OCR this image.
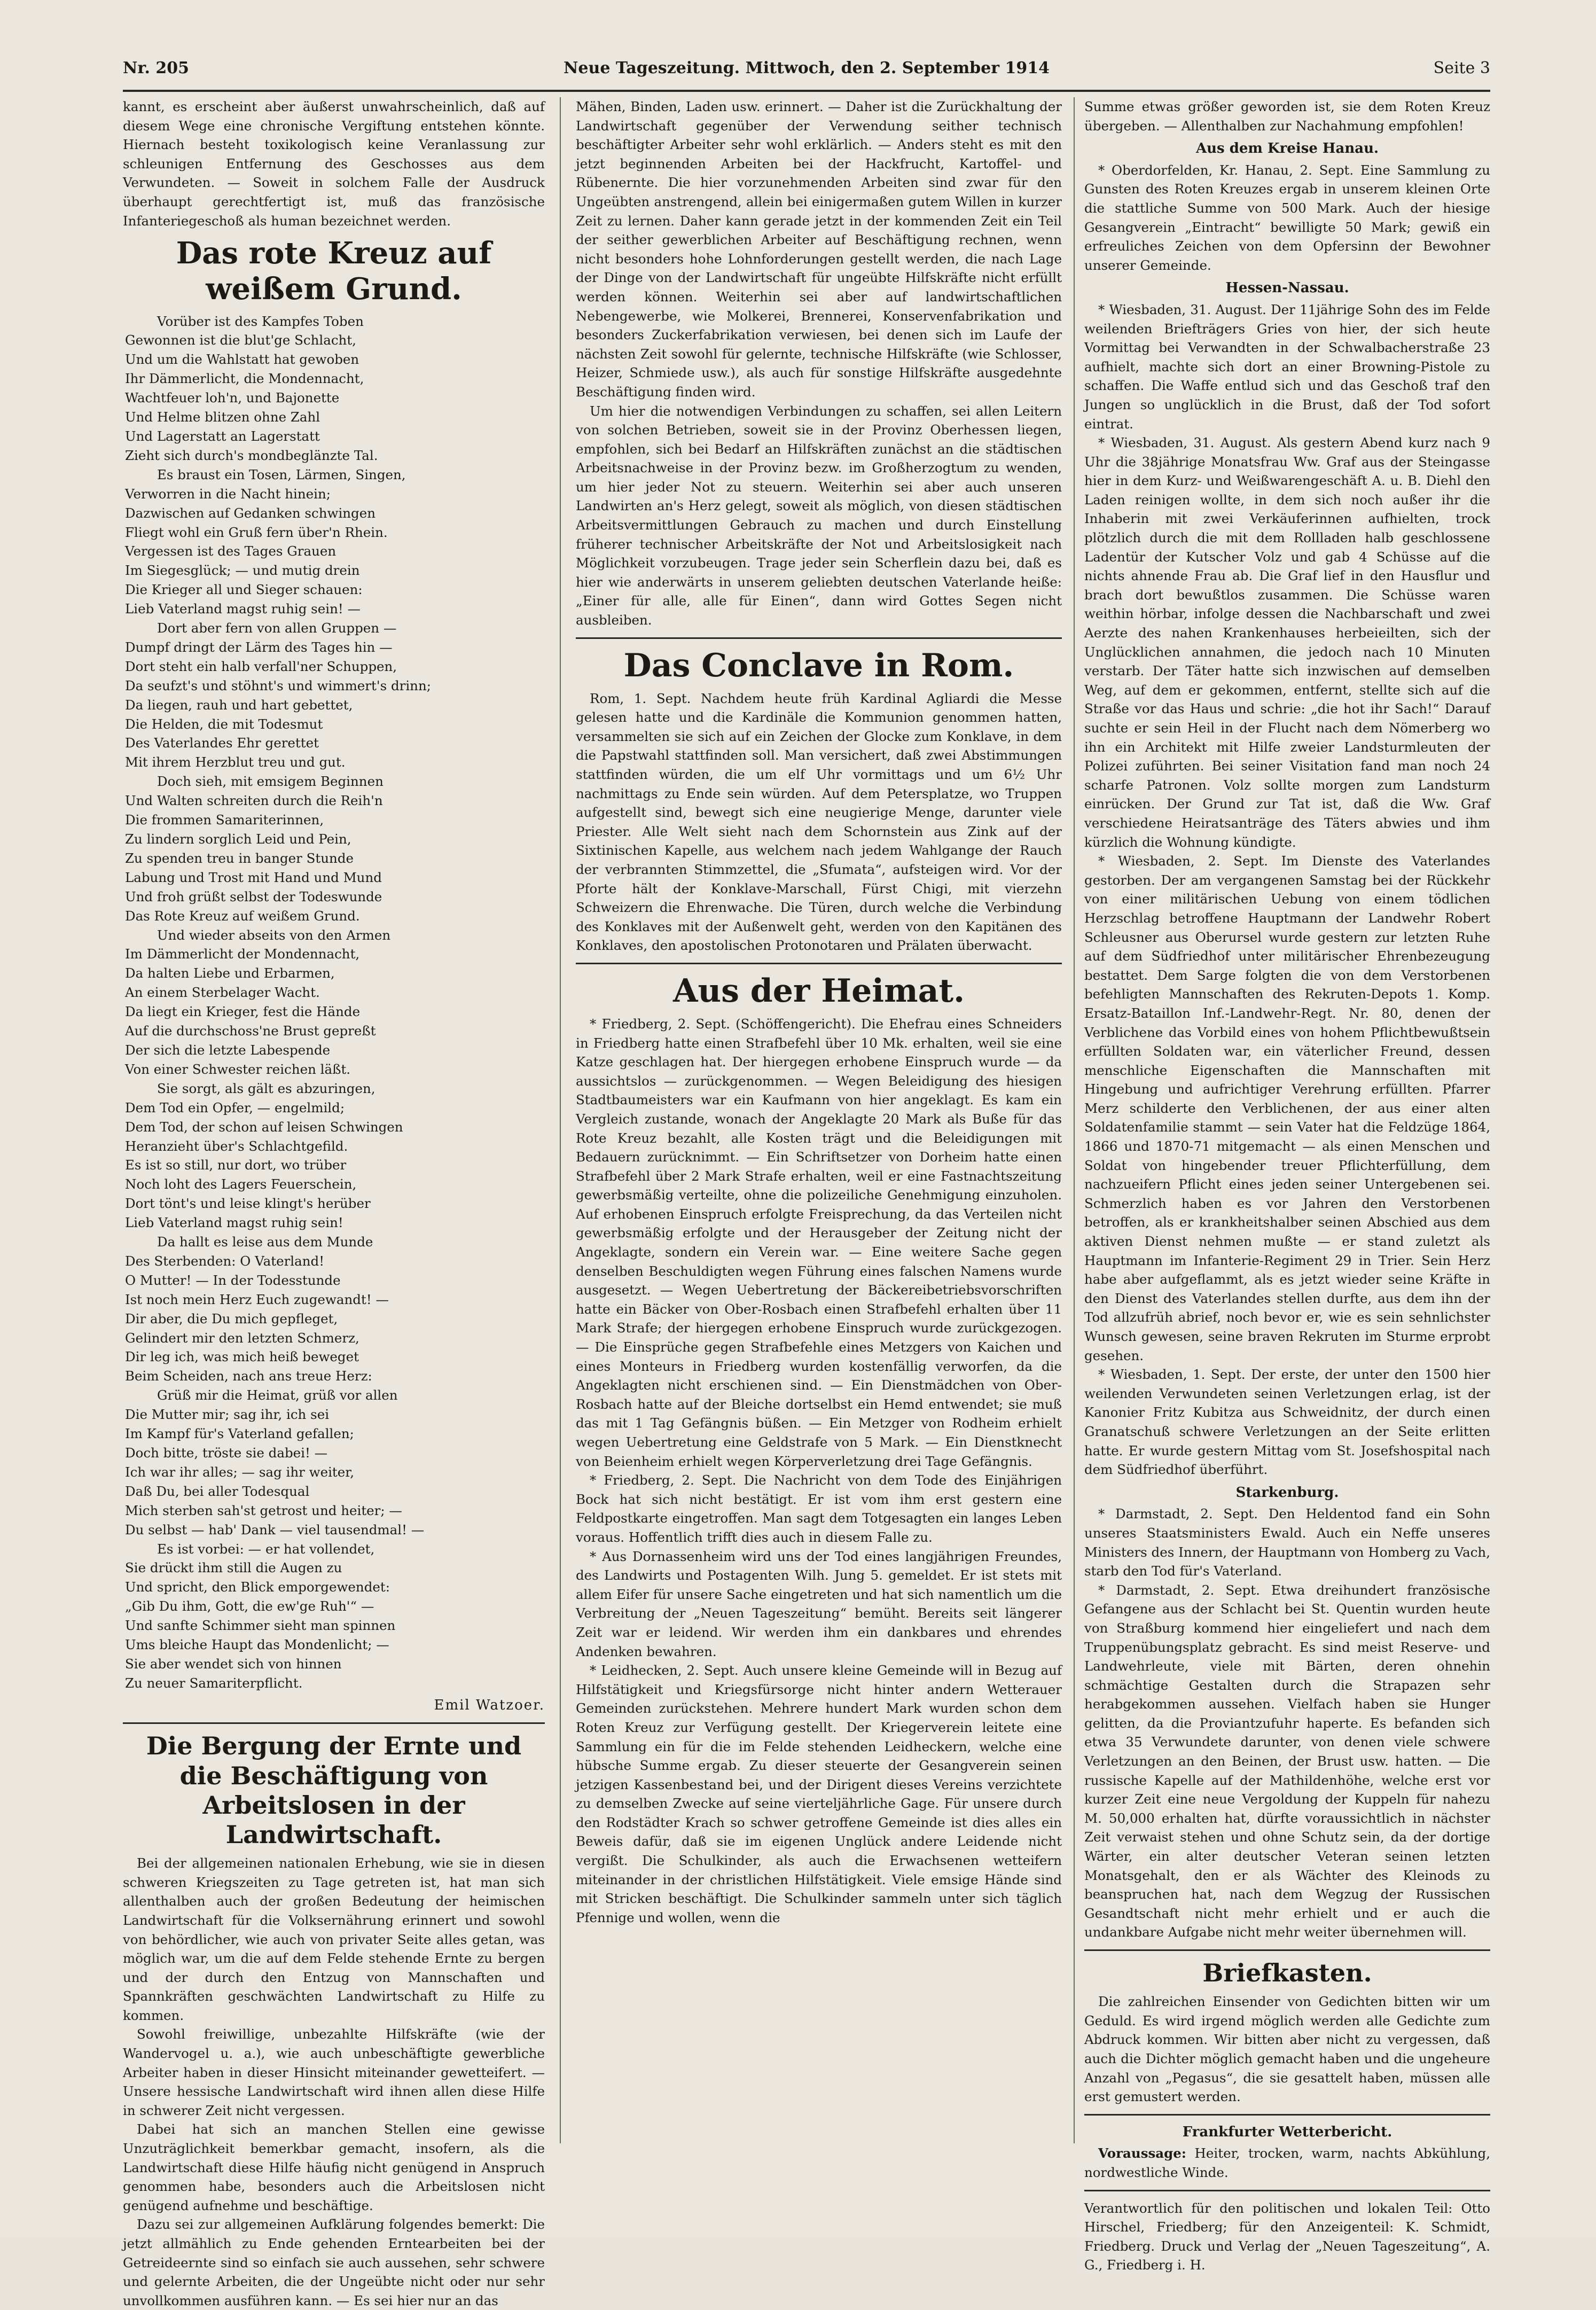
Nr. 205	Neue Tageszeitung. Mittwoch, den 2. September 1914	Seite 3

kannt, es erscheint aber äußerst unwahrscheinlich, daß auf diesem Wege eine chronische Vergiftung entstehen könnte. Hiernach besteht toxikologisch keine Veranlassung zur schleunigen Entfernung des Geschosses aus dem Verwundeten. — Soweit in solchem Falle der Ausdruck überhaupt gerechtfertigt ist, muß das französische Infanteriegeschoß als human bezeichnet werden.

Das rote Kreuz auf weißem Grund.
Vorüber ist des Kampfes Toben
Gewonnen ist die blut'ge Schlacht,
Und um die Wahlstatt hat gewoben
Ihr Dämmerlicht, die Mondennacht,
Wachtfeuer loh'n, und Bajonette
Und Helme blitzen ohne Zahl
Und Lagerstatt an Lagerstatt
Zieht sich durch's mondbeglänzte Tal.
Es braust ein Tosen, Lärmen, Singen,
Verworren in die Nacht hinein;
Dazwischen auf Gedanken schwingen
Fliegt wohl ein Gruß fern über'n Rhein.
Vergessen ist des Tages Grauen
Im Siegesglück; — und mutig drein
Die Krieger all und Sieger schauen:
Lieb Vaterland magst ruhig sein! —
Dort aber fern von allen Gruppen —
Dumpf dringt der Lärm des Tages hin —
Dort steht ein halb verfall'ner Schuppen,
Da seufzt's und stöhnt's und wimmert's drinn;
Da liegen, rauh und hart gebettet,
Die Helden, die mit Todesmut
Des Vaterlandes Ehr gerettet
Mit ihrem Herzblut treu und gut.
Doch sieh, mit emsigem Beginnen
Und Walten schreiten durch die Reih'n
Die frommen Samariterinnen,
Zu lindern sorglich Leid und Pein,
Zu spenden treu in banger Stunde
Labung und Trost mit Hand und Mund
Und froh grüßt selbst der Todeswunde
Das Rote Kreuz auf weißem Grund.
Und wieder abseits von den Armen
Im Dämmerlicht der Mondennacht,
Da halten Liebe und Erbarmen,
An einem Sterbelager Wacht.
Da liegt ein Krieger, fest die Hände
Auf die durchschoss'ne Brust gepreßt
Der sich die letzte Labespende
Von einer Schwester reichen läßt.
Sie sorgt, als gält es abzuringen,
Dem Tod ein Opfer, — engelmild;
Dem Tod, der schon auf leisen Schwingen
Heranzieht über's Schlachtgefild.
Es ist so still, nur dort, wo trüber
Noch loht des Lagers Feuerschein,
Dort tönt's und leise klingt's herüber
Lieb Vaterland magst ruhig sein!
Da hallt es leise aus dem Munde
Des Sterbenden: O Vaterland!
O Mutter! — In der Todesstunde
Ist noch mein Herz Euch zugewandt! —
Dir aber, die Du mich gepfleget,
Gelindert mir den letzten Schmerz,
Dir leg ich, was mich heiß beweget
Beim Scheiden, nach ans treue Herz:
Grüß mir die Heimat, grüß vor allen
Die Mutter mir; sag ihr, ich sei
Im Kampf für's Vaterland gefallen;
Doch bitte, tröste sie dabei! —
Ich war ihr alles; — sag ihr weiter,
Daß Du, bei aller Todesqual
Mich sterben sah'st getrost und heiter; —
Du selbst — hab' Dank — viel tausendmal! —
Es ist vorbei: — er hat vollendet,
Sie drückt ihm still die Augen zu
Und spricht, den Blick emporgewendet:
„Gib Du ihm, Gott, die ew'ge Ruh'“ —
Und sanfte Schimmer sieht man spinnen
Ums bleiche Haupt das Mondenlicht; —
Sie aber wendet sich von hinnen
Zu neuer Samariterpflicht.
Emil Watzoer.
Die Bergung der Ernte und die Beschäftigung von Arbeitslosen in der Landwirtschaft.

Bei der allgemeinen nationalen Erhebung, wie sie in diesen schweren Kriegszeiten zu Tage getreten ist, hat man sich allenthalben auch der großen Bedeutung der heimischen Landwirtschaft für die Volksernährung erinnert und sowohl von behördlicher, wie auch von privater Seite alles getan, was möglich war, um die auf dem Felde stehende Ernte zu bergen und der durch den Entzug von Mannschaften und Spannkräften geschwächten Landwirtschaft zu Hilfe zu kommen.

Sowohl freiwillige, unbezahlte Hilfskräfte (wie der Wandervogel u. a.), wie auch unbeschäftigte gewerbliche Arbeiter haben in dieser Hinsicht miteinander gewetteifert. — Unsere hessische Landwirtschaft wird ihnen allen diese Hilfe in schwerer Zeit nicht vergessen.

Dabei hat sich an manchen Stellen eine gewisse Unzuträglichkeit bemerkbar gemacht, insofern, als die Landwirtschaft diese Hilfe häufig nicht genügend in Anspruch genommen habe, besonders auch die Arbeitslosen nicht genügend aufnehme und beschäftige.

Dazu sei zur allgemeinen Aufklärung folgendes bemerkt: Die jetzt allmählich zu Ende gehenden Erntearbeiten bei der Getreideernte sind so einfach sie auch aussehen, sehr schwere und gelernte Arbeiten, die der Ungeübte nicht oder nur sehr unvollkommen ausführen kann. — Es sei hier nur an das

Mähen, Binden, Laden usw. erinnert. — Daher ist die Zurückhaltung der Landwirtschaft gegenüber der Verwendung seither technisch beschäftigter Arbeiter sehr wohl erklärlich. — Anders steht es mit den jetzt beginnenden Arbeiten bei der Hackfrucht, Kartoffel- und Rübenernte. Die hier vorzunehmenden Arbeiten sind zwar für den Ungeübten anstrengend, allein bei einigermaßen gutem Willen in kurzer Zeit zu lernen. Daher kann gerade jetzt in der kommenden Zeit ein Teil der seither gewerblichen Arbeiter auf Beschäftigung rechnen, wenn nicht besonders hohe Lohnforderungen gestellt werden, die nach Lage der Dinge von der Landwirtschaft für ungeübte Hilfskräfte nicht erfüllt werden können. Weiterhin sei aber auf landwirtschaftlichen Nebengewerbe, wie Molkerei, Brennerei, Konservenfabrikation und besonders Zuckerfabrikation verwiesen, bei denen sich im Laufe der nächsten Zeit sowohl für gelernte, technische Hilfskräfte (wie Schlosser, Heizer, Schmiede usw.), als auch für sonstige Hilfskräfte ausgedehnte Beschäftigung finden wird.

Um hier die notwendigen Verbindungen zu schaffen, sei allen Leitern von solchen Betrieben, soweit sie in der Provinz Oberhessen liegen, empfohlen, sich bei Bedarf an Hilfskräften zunächst an die städtischen Arbeitsnachweise in der Provinz bezw. im Großherzogtum zu wenden, um hier jeder Not zu steuern. Weiterhin sei aber auch unseren Landwirten an's Herz gelegt, soweit als möglich, von diesen städtischen Arbeitsvermittlungen Gebrauch zu machen und durch Einstellung früherer technischer Arbeitskräfte der Not und Arbeitslosigkeit nach Möglichkeit vorzubeugen. Trage jeder sein Scherflein dazu bei, daß es hier wie anderwärts in unserem geliebten deutschen Vaterlande heiße: „Einer für alle, alle für Einen“, dann wird Gottes Segen nicht ausbleiben.

Das Conclave in Rom.

Rom, 1. Sept. Nachdem heute früh Kardinal Agliardi die Messe gelesen hatte und die Kardinäle die Kommunion genommen hatten, versammelten sie sich auf ein Zeichen der Glocke zum Konklave, in dem die Papstwahl stattfinden soll. Man versichert, daß zwei Abstimmungen stattfinden würden, die um elf Uhr vormittags und um 6½ Uhr nachmittags zu Ende sein würden. Auf dem Petersplatze, wo Truppen aufgestellt sind, bewegt sich eine neugierige Menge, darunter viele Priester. Alle Welt sieht nach dem Schornstein aus Zink auf der Sixtinischen Kapelle, aus welchem nach jedem Wahlgange der Rauch der verbrannten Stimmzettel, die „Sfumata“, aufsteigen wird. Vor der Pforte hält der Konklave-Marschall, Fürst Chigi, mit vierzehn Schweizern die Ehrenwache. Die Türen, durch welche die Verbindung des Konklaves mit der Außenwelt geht, werden von den Kapitänen des Konklaves, den apostolischen Protonotaren und Prälaten überwacht.

Aus der Heimat.

* Friedberg, 2. Sept. (Schöffengericht). Die Ehefrau eines Schneiders in Friedberg hatte einen Strafbefehl über 10 Mk. erhalten, weil sie eine Katze geschlagen hat. Der hiergegen erhobene Einspruch wurde — da aussichtslos — zurückgenommen. — Wegen Beleidigung des hiesigen Stadtbaumeisters war ein Kaufmann von hier angeklagt. Es kam ein Vergleich zustande, wonach der Angeklagte 20 Mark als Buße für das Rote Kreuz bezahlt, alle Kosten trägt und die Beleidigungen mit Bedauern zurücknimmt. — Ein Schriftsetzer von Dorheim hatte einen Strafbefehl über 2 Mark Strafe erhalten, weil er eine Fastnachtszeitung gewerbsmäßig verteilte, ohne die polizeiliche Genehmigung einzuholen. Auf erhobenen Einspruch erfolgte Freisprechung, da das Verteilen nicht gewerbsmäßig erfolgte und der Herausgeber der Zeitung nicht der Angeklagte, sondern ein Verein war. — Eine weitere Sache gegen denselben Beschuldigten wegen Führung eines falschen Namens wurde ausgesetzt. — Wegen Uebertretung der Bäckereibetriebsvorschriften hatte ein Bäcker von Ober-Rosbach einen Strafbefehl erhalten über 11 Mark Strafe; der hiergegen erhobene Einspruch wurde zurückgezogen. — Die Einsprüche gegen Strafbefehle eines Metzgers von Kaichen und eines Monteurs in Friedberg wurden kostenfällig verworfen, da die Angeklagten nicht erschienen sind. — Ein Dienstmädchen von Ober-Rosbach hatte auf der Bleiche dortselbst ein Hemd entwendet; sie muß das mit 1 Tag Gefängnis büßen. — Ein Metzger von Rodheim erhielt wegen Uebertretung eine Geldstrafe von 5 Mark. — Ein Dienstknecht von Beienheim erhielt wegen Körperverletzung drei Tage Gefängnis.

* Friedberg, 2. Sept. Die Nachricht von dem Tode des Einjährigen Bock hat sich nicht bestätigt. Er ist vom ihm erst gestern eine Feldpostkarte eingetroffen. Man sagt dem Totgesagten ein langes Leben voraus. Hoffentlich trifft dies auch in diesem Falle zu.

* Aus Dornassenheim wird uns der Tod eines langjährigen Freundes, des Landwirts und Postagenten Wilh. Jung 5. gemeldet. Er ist stets mit allem Eifer für unsere Sache eingetreten und hat sich namentlich um die Verbreitung der „Neuen Tageszeitung“ bemüht. Bereits seit längerer Zeit war er leidend. Wir werden ihm ein dankbares und ehrendes Andenken bewahren.

* Leidhecken, 2. Sept. Auch unsere kleine Gemeinde will in Bezug auf Hilfstätigkeit und Kriegsfürsorge nicht hinter andern Wetterauer Gemeinden zurückstehen. Mehrere hundert Mark wurden schon dem Roten Kreuz zur Verfügung gestellt. Der Kriegerverein leitete eine Sammlung ein für die im Felde stehenden Leidheckern, welche eine hübsche Summe ergab. Zu dieser steuerte der Gesangverein seinen jetzigen Kassenbestand bei, und der Dirigent dieses Vereins verzichtete zu demselben Zwecke auf seine vierteljährliche Gage. Für unsere durch den Rodstädter Krach so schwer getroffene Gemeinde ist dies alles ein Beweis dafür, daß sie im eigenen Unglück andere Leidende nicht vergißt. Die Schulkinder, als auch die Erwachsenen wetteifern miteinander in der christlichen Hilfstätigkeit. Viele emsige Hände sind mit Stricken beschäftigt. Die Schulkinder sammeln unter sich täglich Pfennige und wollen, wenn die

Summe etwas größer geworden ist, sie dem Roten Kreuz übergeben. — Allenthalben zur Nachahmung empfohlen!

Aus dem Kreise Hanau.

* Oberdorfelden, Kr. Hanau, 2. Sept. Eine Sammlung zu Gunsten des Roten Kreuzes ergab in unserem kleinen Orte die stattliche Summe von 500 Mark. Auch der hiesige Gesangverein „Eintracht“ bewilligte 50 Mark; gewiß ein erfreuliches Zeichen von dem Opfersinn der Bewohner unserer Gemeinde.

Hessen-Nassau.

* Wiesbaden, 31. August. Der 11jährige Sohn des im Felde weilenden Briefträgers Gries von hier, der sich heute Vormittag bei Verwandten in der Schwalbacherstraße 23 aufhielt, machte sich dort an einer Browning-Pistole zu schaffen. Die Waffe entlud sich und das Geschoß traf den Jungen so unglücklich in die Brust, daß der Tod sofort eintrat.

* Wiesbaden, 31. August. Als gestern Abend kurz nach 9 Uhr die 38jährige Monatsfrau Ww. Graf aus der Steingasse hier in dem Kurz- und Weißwarengeschäft A. u. B. Diehl den Laden reinigen wollte, in dem sich noch außer ihr die Inhaberin mit zwei Verkäuferinnen aufhielten, trock plötzlich durch die mit dem Rollladen halb geschlossene Ladentür der Kutscher Volz und gab 4 Schüsse auf die nichts ahnende Frau ab. Die Graf lief in den Hausflur und brach dort bewußtlos zusammen. Die Schüsse waren weithin hörbar, infolge dessen die Nachbarschaft und zwei Aerzte des nahen Krankenhauses herbeieilten, sich der Unglücklichen annahmen, die jedoch nach 10 Minuten verstarb. Der Täter hatte sich inzwischen auf demselben Weg, auf dem er gekommen, entfernt, stellte sich auf die Straße vor das Haus und schrie: „die hot ihr Sach!“ Darauf suchte er sein Heil in der Flucht nach dem Nömerberg wo ihn ein Architekt mit Hilfe zweier Landsturmleuten der Polizei zuführten. Bei seiner Visitation fand man noch 24 scharfe Patronen. Volz sollte morgen zum Landsturm einrücken. Der Grund zur Tat ist, daß die Ww. Graf verschiedene Heiratsanträge des Täters abwies und ihm kürzlich die Wohnung kündigte.

* Wiesbaden, 2. Sept. Im Dienste des Vaterlandes gestorben. Der am vergangenen Samstag bei der Rückkehr von einer militärischen Uebung von einem tödlichen Herzschlag betroffene Hauptmann der Landwehr Robert Schleusner aus Oberursel wurde gestern zur letzten Ruhe auf dem Südfriedhof unter militärischer Ehrenbezeugung bestattet. Dem Sarge folgten die von dem Verstorbenen befehligten Mannschaften des Rekruten-Depots 1. Komp. Ersatz-Bataillon Inf.-Landwehr-Regt. Nr. 80, denen der Verblichene das Vorbild eines von hohem Pflichtbewußtsein erfüllten Soldaten war, ein väterlicher Freund, dessen menschliche Eigenschaften die Mannschaften mit Hingebung und aufrichtiger Verehrung erfüllten. Pfarrer Merz schilderte den Verblichenen, der aus einer alten Soldatenfamilie stammt — sein Vater hat die Feldzüge 1864, 1866 und 1870-71 mitgemacht — als einen Menschen und Soldat von hingebender treuer Pflichterfüllung, dem nachzueifern Pflicht eines jeden seiner Untergebenen sei. Schmerzlich haben es vor Jahren den Verstorbenen betroffen, als er krankheitshalber seinen Abschied aus dem aktiven Dienst nehmen mußte — er stand zuletzt als Hauptmann im Infanterie-Regiment 29 in Trier. Sein Herz habe aber aufgeflammt, als es jetzt wieder seine Kräfte in den Dienst des Vaterlandes stellen durfte, aus dem ihn der Tod allzufrüh abrief, noch bevor er, wie es sein sehnlichster Wunsch gewesen, seine braven Rekruten im Sturme erprobt gesehen.

* Wiesbaden, 1. Sept. Der erste, der unter den 1500 hier weilenden Verwundeten seinen Verletzungen erlag, ist der Kanonier Fritz Kubitza aus Schweidnitz, der durch einen Granatschuß schwere Verletzungen an der Seite erlitten hatte. Er wurde gestern Mittag vom St. Josefshospital nach dem Südfriedhof überführt.

Starkenburg.

* Darmstadt, 2. Sept. Den Heldentod fand ein Sohn unseres Staatsministers Ewald. Auch ein Neffe unseres Ministers des Innern, der Hauptmann von Homberg zu Vach, starb den Tod für's Vaterland.

* Darmstadt, 2. Sept. Etwa dreihundert französische Gefangene aus der Schlacht bei St. Quentin wurden heute von Straßburg kommend hier eingeliefert und nach dem Truppenübungsplatz gebracht. Es sind meist Reserve- und Landwehrleute, viele mit Bärten, deren ohnehin schmächtige Gestalten durch die Strapazen sehr herabgekommen aussehen. Vielfach haben sie Hunger gelitten, da die Proviantzufuhr haperte. Es befanden sich etwa 35 Verwundete darunter, von denen viele schwere Verletzungen an den Beinen, der Brust usw. hatten. — Die russische Kapelle auf der Mathildenhöhe, welche erst vor kurzer Zeit eine neue Vergoldung der Kuppeln für nahezu M. 50,000 erhalten hat, dürfte voraussichtlich in nächster Zeit verwaist stehen und ohne Schutz sein, da der dortige Wärter, ein alter deutscher Veteran seinen letzten Monatsgehalt, den er als Wächter des Kleinods zu beanspruchen hat, nach dem Wegzug der Russischen Gesandtschaft nicht mehr erhielt und er auch die undankbare Aufgabe nicht mehr weiter übernehmen will.

Briefkasten.

Die zahlreichen Einsender von Gedichten bitten wir um Geduld. Es wird irgend möglich werden alle Gedichte zum Abdruck kommen. Wir bitten aber nicht zu vergessen, daß auch die Dichter möglich gemacht haben und die ungeheure Anzahl von „Pegasus“, die sie gesattelt haben, müssen alle erst gemustert werden.

Frankfurter Wetterbericht.

Voraussage: Heiter, trocken, warm, nachts Abkühlung, nordwestliche Winde.

Verantwortlich für den politischen und lokalen Teil: Otto Hirschel, Friedberg; für den Anzeigenteil: K. Schmidt, Friedberg. Druck und Verlag der „Neuen Tageszeitung“, A. G., Friedberg i. H.
